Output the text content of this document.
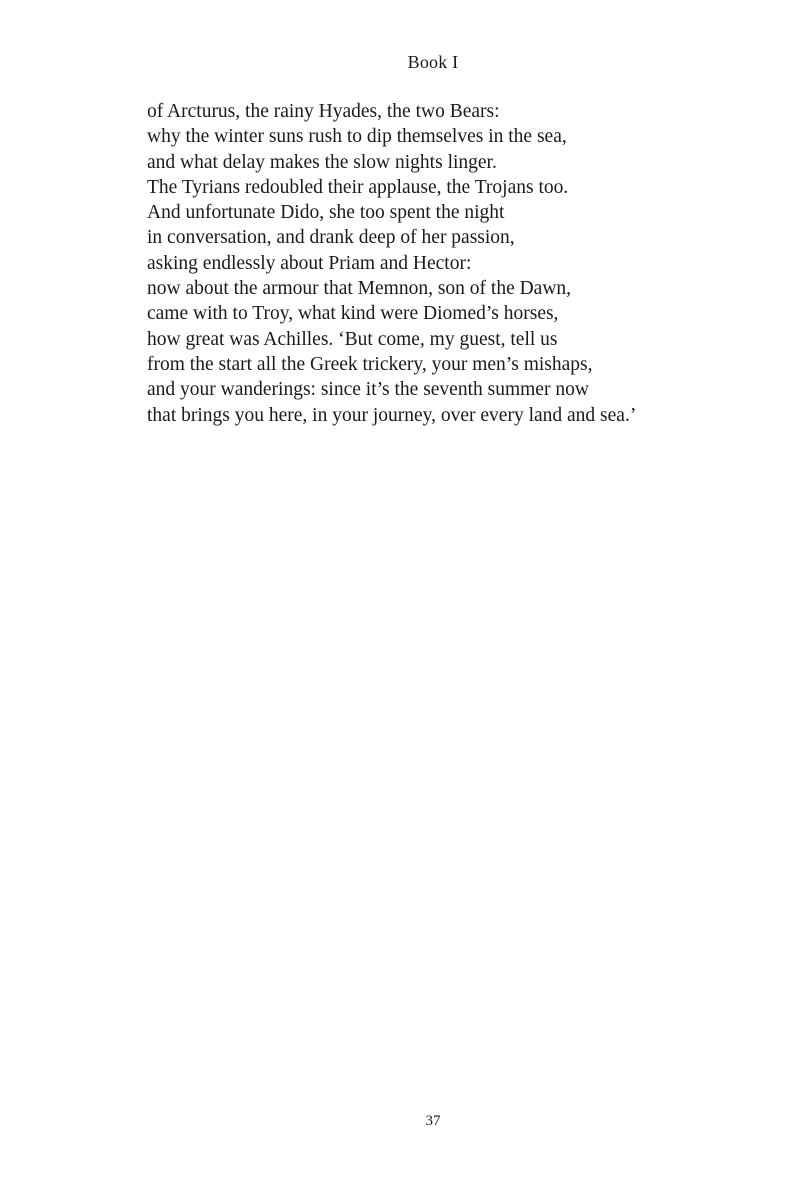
Book I
of Arcturus, the rainy Hyades, the two Bears:
why the winter suns rush to dip themselves in the sea,
and what delay makes the slow nights linger.
The Tyrians redoubled their applause, the Trojans too.
And unfortunate Dido, she too spent the night
in conversation, and drank deep of her passion,
asking endlessly about Priam and Hector:
now about the armour that Memnon, son of the Dawn,
came with to Troy, what kind were Diomed’s horses,
how great was Achilles. ‘But come, my guest, tell us
from the start all the Greek trickery, your men’s mishaps,
and your wanderings: since it’s the seventh summer now
that brings you here, in your journey, over every land and sea.’
37
